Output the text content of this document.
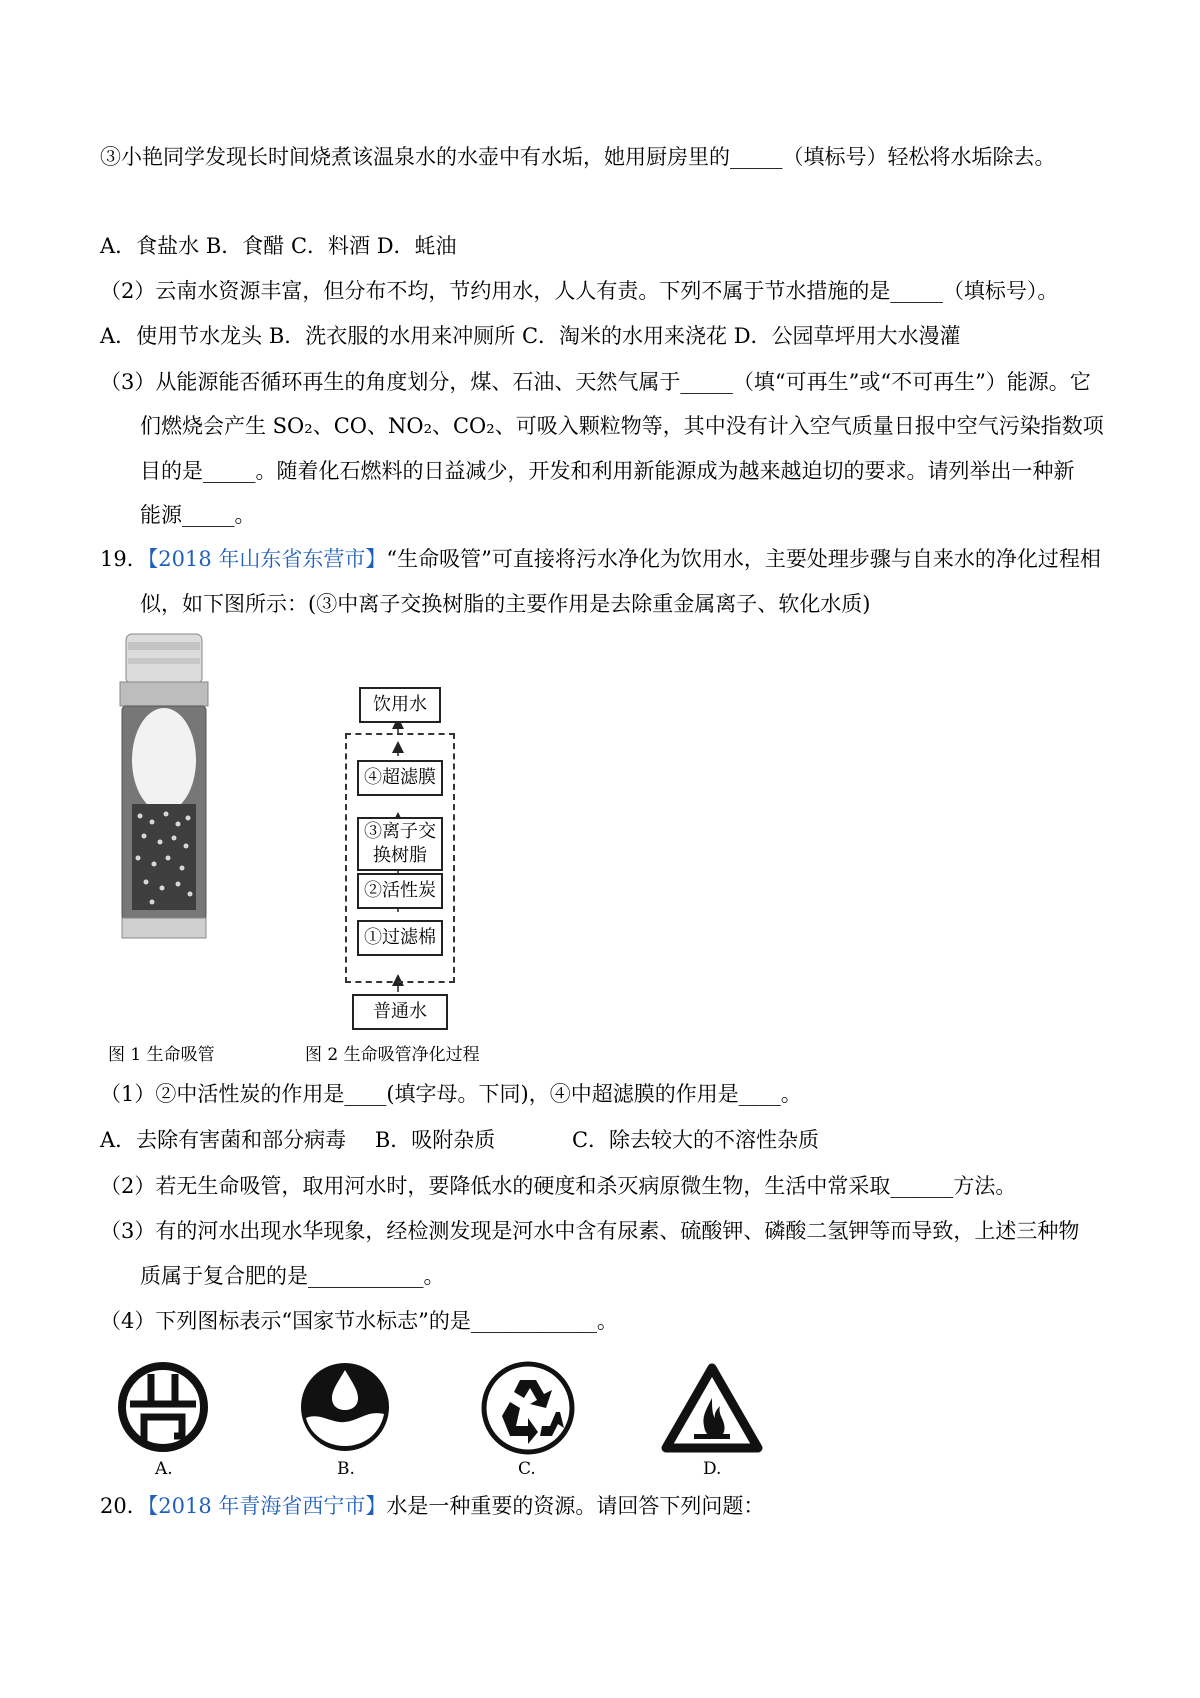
③小艳同学发现长时间烧煮该温泉水的水壶中有水垢，她用厨房里的_____（填标号）轻松将水垢除去。
A．食盐水 B．食醋 C．料酒 D．蚝油
（2）云南水资源丰富，但分布不均，节约用水，人人有责。下列不属于节水措施的是_____（填标号）。
A．使用节水龙头 B．洗衣服的水用来冲厕所 C．淘米的水用来浇花 D．公园草坪用大水漫灌
（3）从能源能否循环再生的角度划分，煤、石油、天然气属于_____（填“可再生”或“不可再生”）能源。它
们燃烧会产生 SO₂、CO、NO₂、CO₂、可吸入颗粒物等，其中没有计入空气质量日报中空气污染指数项
目的是_____。随着化石燃料的日益减少，开发和利用新能源成为越来越迫切的要求。请列举出一种新
能源_____。
19．【2018 年山东省东营市】“生命吸管”可直接将污水净化为饮用水，主要处理步骤与自来水的净化过程相
似，如下图所示：(③中离子交换树脂的主要作用是去除重金属离子、软化水质)
饮用水
④超滤膜
③离子交
换树脂
②活性炭
①过滤棉
普通水
图 1 生命吸管	图 2 生命吸管净化过程
（1）②中活性炭的作用是____(填字母。下同)，④中超滤膜的作用是____。
A．去除有害菌和部分病毒 B．吸附杂质	C．除去较大的不溶性杂质
（2）若无生命吸管，取用河水时，要降低水的硬度和杀灭病原微生物，生活中常采取______方法。
（3）有的河水出现水华现象，经检测发现是河水中含有尿素、硫酸钾、磷酸二氢钾等而导致，上述三种物
质属于复合肥的是___________。
（4）下列图标表示“国家节水标志”的是____________。
A.	B.	C.	D.
20．【2018 年青海省西宁市】水是一种重要的资源。请回答下列问题：
